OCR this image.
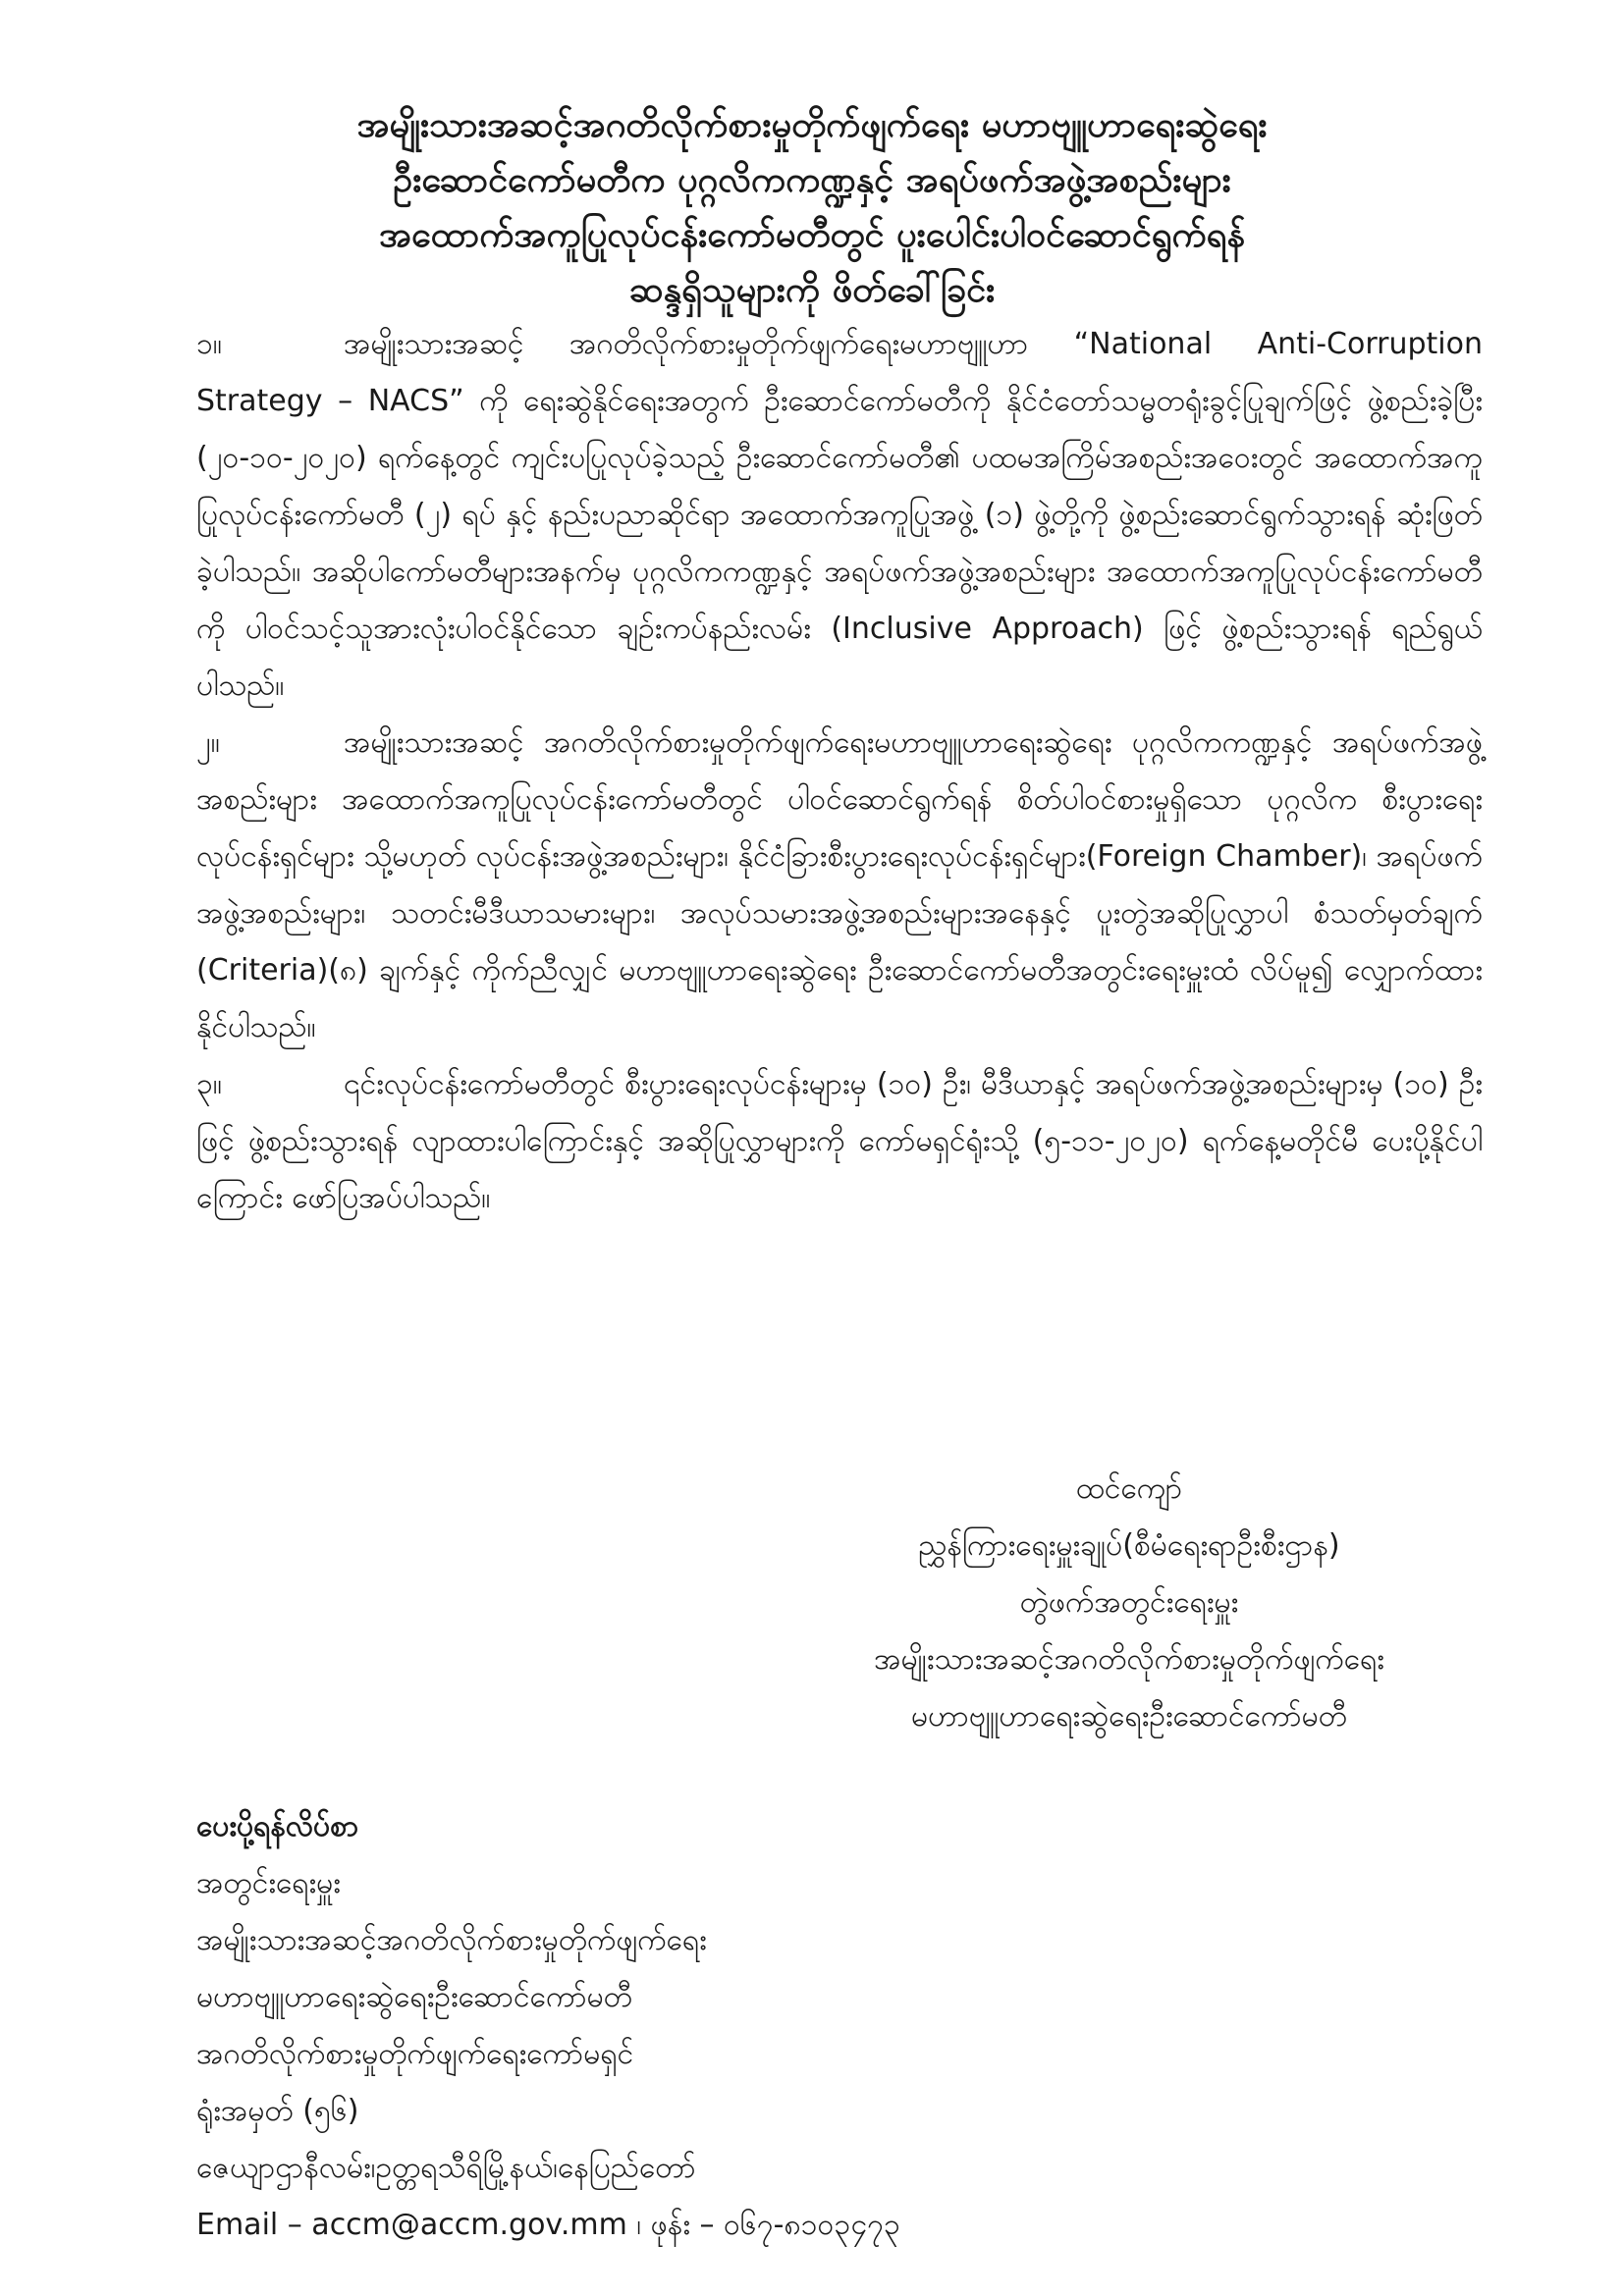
အမျိုးသားအဆင့်အဂတိလိုက်စားမှုတိုက်ဖျက်ရေး မဟာဗျူဟာရေးဆွဲရေး
ဦးဆောင်ကော်မတီက ပုဂ္ဂလိကကဏ္ဍနှင့် အရပ်ဖက်အဖွဲ့အစည်းများ
အထောက်အကူပြုလုပ်ငန်းကော်မတီတွင် ပူးပေါင်းပါဝင်ဆောင်ရွက်ရန်
ဆန္ဒရှိသူများကို ဖိတ်ခေါ်ခြင်း

၁။	အမျိုးသားအဆင့် အဂတိလိုက်စားမှုတိုက်ဖျက်ရေးမဟာဗျူဟာ “National Anti-Corruption Strategy – NACS” ကို ရေးဆွဲနိုင်ရေးအတွက် ဦးဆောင်ကော်မတီကို နိုင်ငံတော်သမ္မတရုံးခွင့်ပြုချက်ဖြင့် ဖွဲ့စည်းခဲ့ပြီး (၂၀-၁၀-၂၀၂၀) ရက်နေ့တွင် ကျင်းပပြုလုပ်ခဲ့သည့် ဦးဆောင်ကော်မတီ၏ ပထမအကြိမ်အစည်းအဝေးတွင် အထောက်အကူပြုလုပ်ငန်းကော်မတီ (၂) ရပ် နှင့် နည်းပညာဆိုင်ရာ အထောက်အကူပြုအဖွဲ့ (၁) ဖွဲ့တို့ကို ဖွဲ့စည်းဆောင်ရွက်သွားရန် ဆုံးဖြတ်ခဲ့ပါသည်။ အဆိုပါကော်မတီများအနက်မှ ပုဂ္ဂလိကကဏ္ဍနှင့် အရပ်ဖက်အဖွဲ့အစည်းများ အထောက်အကူပြုလုပ်ငန်းကော်မတီကို ပါဝင်သင့်သူအားလုံးပါဝင်နိုင်သော ချဉ်းကပ်နည်းလမ်း (Inclusive Approach) ဖြင့် ဖွဲ့စည်းသွားရန် ရည်ရွယ်ပါသည်။

၂။	အမျိုးသားအဆင့် အဂတိလိုက်စားမှုတိုက်ဖျက်ရေးမဟာဗျူဟာရေးဆွဲရေး ပုဂ္ဂလိကကဏ္ဍနှင့် အရပ်ဖက်အဖွဲ့အစည်းများ အထောက်အကူပြုလုပ်ငန်းကော်မတီတွင် ပါဝင်ဆောင်ရွက်ရန် စိတ်ပါဝင်စားမှုရှိသော ပုဂ္ဂလိက စီးပွားရေးလုပ်ငန်းရှင်များ သို့မဟုတ် လုပ်ငန်းအဖွဲ့အစည်းများ၊ နိုင်ငံခြားစီးပွားရေးလုပ်ငန်းရှင်များ(Foreign Chamber)၊ အရပ်ဖက်အဖွဲ့အစည်းများ၊ သတင်းမီဒီယာသမားများ၊ အလုပ်သမားအဖွဲ့အစည်းများအနေနှင့် ပူးတွဲအဆိုပြုလွှာပါ စံသတ်မှတ်ချက် (Criteria)(၈) ချက်နှင့် ကိုက်ညီလျှင် မဟာဗျူဟာရေးဆွဲရေး ဦးဆောင်ကော်မတီအတွင်းရေးမှူးထံ လိပ်မူ၍ လျှောက်ထားနိုင်ပါသည်။

၃။	၎င်းလုပ်ငန်းကော်မတီတွင် စီးပွားရေးလုပ်ငန်းများမှ (၁၀) ဦး၊ မီဒီယာနှင့် အရပ်ဖက်အဖွဲ့အစည်းများမှ (၁၀) ဦးဖြင့် ဖွဲ့စည်းသွားရန် လျာထားပါကြောင်းနှင့် အဆိုပြုလွှာများကို ကော်မရှင်ရုံးသို့ (၅-၁၁-၂၀၂၀) ရက်နေ့မတိုင်မီ ပေးပို့နိုင်ပါကြောင်း ဖော်ပြအပ်ပါသည်။

ထင်ကျော်
ညွှန်ကြားရေးမှူးချုပ်(စီမံရေးရာဦးစီးဌာန)
တွဲဖက်အတွင်းရေးမှူး
အမျိုးသားအဆင့်အဂတိလိုက်စားမှုတိုက်ဖျက်ရေး
မဟာဗျူဟာရေးဆွဲရေးဦးဆောင်ကော်မတီ
ပေးပို့ရန်လိပ်စာ
အတွင်းရေးမှူး
အမျိုးသားအဆင့်အဂတိလိုက်စားမှုတိုက်ဖျက်ရေး
မဟာဗျူဟာရေးဆွဲရေးဦးဆောင်ကော်မတီ
အဂတိလိုက်စားမှုတိုက်ဖျက်ရေးကော်မရှင်
ရုံးအမှတ် (၅၆)
ဇေယျာဌာနီလမ်း၊ဥတ္တရသီရိမြို့နယ်၊နေပြည်တော်
Email – accm@accm.gov.mm ၊ ဖုန်း – ၀၆၇-၈၁၀၃၄၇၃
